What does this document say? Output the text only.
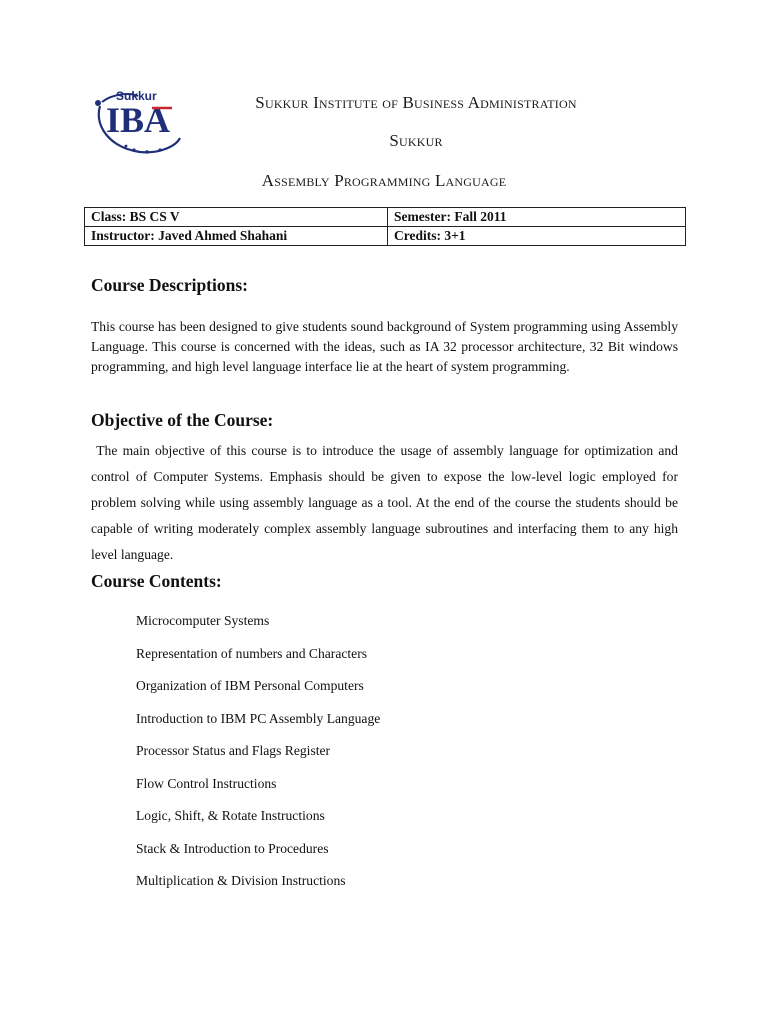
Sukkur
IBA	Sukkur Institute of Business Administration
Sukkur
Assembly Programming Language
Class: BS CS V	Semester: Fall 2011
Instructor: Javed Ahmed Shahani	Credits: 3+1
Course Descriptions:

This course has been designed to give students sound background of System programming using Assembly Language. This course is concerned with the ideas, such as IA 32 processor architecture, 32 Bit windows programming, and high level language interface lie at the heart of system programming.

Objective of the Course:

The main objective of this course is to introduce the usage of assembly language for optimization and control of Computer Systems. Emphasis should be given to expose the low-level logic employed for problem solving while using assembly language as a tool. At the end of the course the students should be capable of writing moderately complex assembly language subroutines and interfacing them to any high level language.

Course Contents:
Microcomputer Systems
Representation of numbers and Characters
Organization of IBM Personal Computers
Introduction to IBM PC Assembly Language
Processor Status and Flags Register
Flow Control Instructions
Logic, Shift, & Rotate Instructions
Stack & Introduction to Procedures
Multiplication & Division Instructions
